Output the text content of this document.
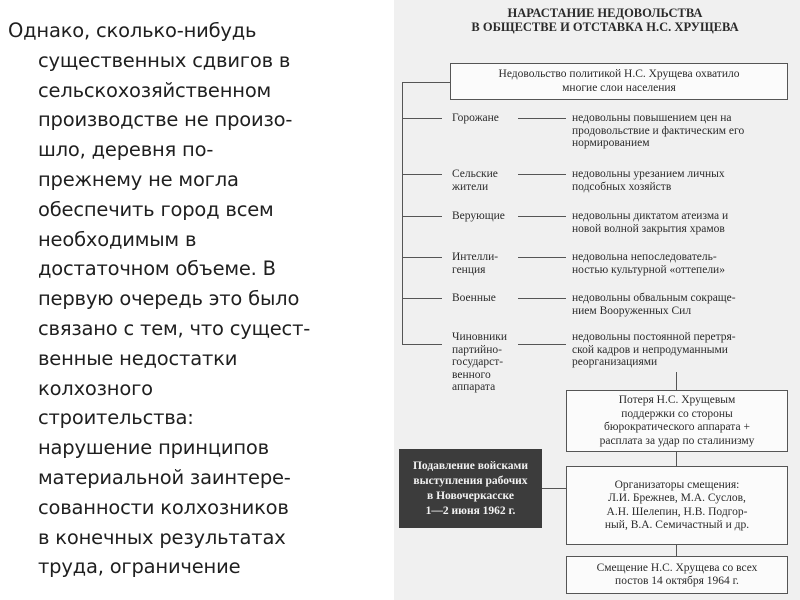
Однако, сколько-нибудь
существенных сдвигов в
сельскохозяйственном
производстве не произо-
шло, деревня по-
прежнему не могла
обеспечить город всем
необходимым в
достаточном объеме. В
первую очередь это было
связано с тем, что сущест-
венные недостатки
колхозного
строительства:
нарушение принципов
материальной заинтере-
сованности колхозников
в конечных результатах
труда, ограничение
НАРАСТАНИЕ НЕДОВОЛЬСТВА
В ОБЩЕСТВЕ И ОТСТАВКА Н.С. ХРУЩЕВА
Недовольство политикой Н.С. Хрущева охватило
многие слои населения
Горожане
Сельские
жители
Верующие
Интелли-
генция
Военные
Чиновники
партийно-
государст-
венного
аппарата
недовольны повышением цен на
продовольствие и фактическим его
нормированием
недовольны урезанием личных
подсобных хозяйств
недовольны диктатом атеизма и
новой волной закрытия храмов
недовольна непоследователь-
ностью культурной «оттепели»
недовольны обвальным сокраще-
нием Вооруженных Сил
недовольны постоянной перетря-
ской кадров и непродуманными
реорганизациями
Потеря Н.С. Хрущевым
поддержки со стороны
бюрократического аппарата +
расплата за удар по сталинизму
Организаторы смещения:
Л.И. Брежнев, М.А. Суслов,
А.Н. Шелепин, Н.В. Подгор-
ный, В.А. Семичастный и др.
Смещение Н.С. Хрущева со всех
постов 14 октября 1964 г.
Подавление войсками
выступления рабочих
в Новочеркасске
1—2 июня 1962 г.
